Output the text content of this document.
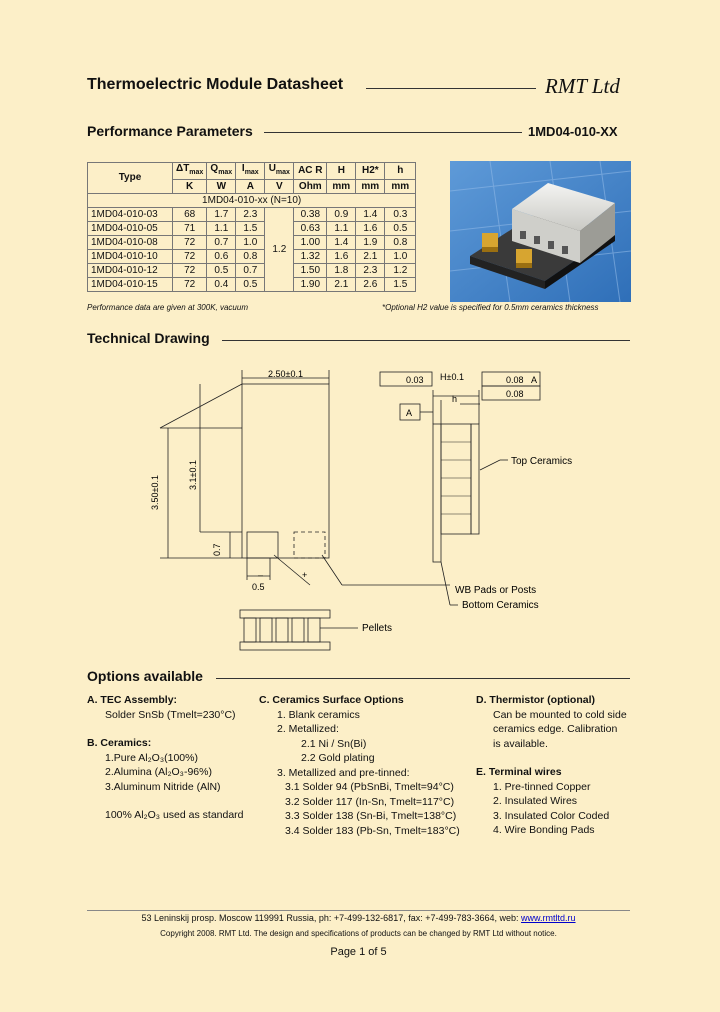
Thermoelectric Module Datasheet	RMT Ltd
Performance Parameters	1MD04-010-XX
Type	$\Delta T_{max}$	$Q_{max}$	$I_{max}$	$U_{max}$	AC R	H	H2*	h
	K	W	A	V	Ohm	mm	mm	mm
1MD04-010-xx (N=10)								
1MD04-010-03	68	1.7	2.3	1.2	0.38	0.9	1.4	0.3
1MD04-010-05	71	1.1	1.5		0.63	1.1	1.6	0.5
1MD04-010-08	72	0.7	1.0		1.00	1.4	1.9	0.8
1MD04-010-10	72	0.6	0.8		1.32	1.6	2.1	1.0
1MD04-010-12	72	0.5	0.7		1.50	1.8	2.3	1.2
1MD04-010-15	72	0.4	0.5		1.90	2.1	2.6	1.5
Performance data are given at 300K, vacuum	*Optional H2 value is specified for 0.5mm ceramics thickness
Technical Drawing
2.50±0.1
3.50±0.1
3.1±0.1
0.7
0.5
–	+
WB Pads or Posts
Pellets
Top Ceramics
Bottom Ceramics
0.03	0.08 A
0.08
A
H±0.1
h
Options available
A. TEC Assembly:
Solder SnSb (Tmelt=230°C)
B. Ceramics:
1.Pure Al₂O₃(100%)
2.Alumina (Al₂O₃-96%)
3.Aluminum Nitride (AlN)
100% Al₂O₃ used as standard
C. Ceramics Surface Options
1. Blank ceramics
2. Metallized:
2.1 Ni / Sn(Bi)
2.2 Gold plating
3. Metallized and pre-tinned:
3.1 Solder 94 (PbSnBi, Tmelt=94°C)
3.2 Solder 117 (In-Sn, Tmelt=117°C)
3.3 Solder 138 (Sn-Bi, Tmelt=138°C)
3.4 Solder 183 (Pb-Sn, Tmelt=183°C)
D. Thermistor (optional)
Can be mounted to cold side
ceramics edge. Calibration
is available.
E. Terminal wires
1. Pre-tinned Copper
2. Insulated Wires
3. Insulated Color Coded
4. Wire Bonding Pads
53 Leninskij prosp. Moscow 119991 Russia, ph: +7-499-132-6817, fax: +7-499-783-3664, web: www.rmtltd.ru
Copyright 2008. RMT Ltd. The design and specifications of products can be changed by RMT Ltd without notice.
Page 1 of 5
